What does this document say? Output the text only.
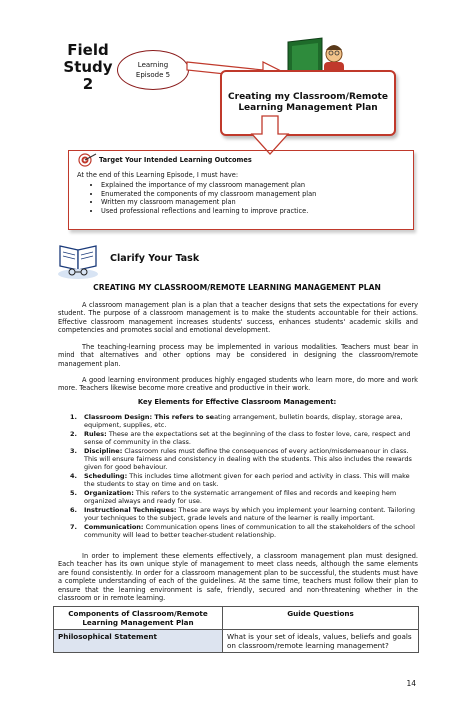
Field
Study
2
Learning
Episode 5
Creating my Classroom/Remote Learning Management Plan
Target Your Intended Learning Outcomes
At the end of this Learning Episode, I must have:
• Explained the importance of my classroom management plan
• Enumerated the components of my classroom management plan
• Written my classroom management plan
• Used professional reflections and learning to improve practice.
Clarify Your Task
CREATING MY CLASSROOM/REMOTE LEARNING MANAGEMENT PLAN
A classroom management plan is a plan that a teacher designs that sets the expectations for every student. The purpose of a classroom management is to make the students accountable for their actions. Effective classroom management increases students' success, enhances students' academic skills and competencies and promotes social and emotional development.
The teaching-learning process may be implemented in various modalities. Teachers must bear in mind that alternatives and other options may be considered in designing the classroom/remote management plan.
A good learning environment produces highly engaged students who learn more, do more and work more. Teachers likewise become more creative and productive in their work.
Key Elements for Effective Classroom Management:
1. Classroom Design: This refers to seating arrangement, bulletin boards, display, storage area, equipment, supplies, etc.
2. Rules: These are the expectations set at the beginning of the class to foster love, care, respect and sense of community in the class.
3. Discipline: Classroom rules must define the consequences of every action/misdemeanour in class. This will ensure fairness and consistency in dealing with the students. This also includes the rewards given for good behaviour.
4. Scheduling: This includes time allotment given for each period and activity in class. This will make the students to stay on time and on task.
5. Organization: This refers to the systematic arrangement of files and records and keeping hem organized always and ready for use.
6. Instructional Techniques: These are ways by which you implement your learning content. Tailoring your techniques to the subject, grade levels and nature of the learner is really important.
7. Communication: Communication opens lines of communication to all the stakeholders of the school community will lead to better teacher-student relationship.
In order to implement these elements effectively, a classroom management plan must designed. Each teacher has its own unique style of management to meet class needs, although the same elements are found consistently. In order for a classroom management plan to be successful, the students must have a complete understanding of each of the guidelines. At the same time, teachers must follow their plan to ensure that the learning environment is safe, friendly, secured and non-threatening whether in the classroom or in remote learning.
Components of Classroom/Remote Learning Management Plan	Guide Questions
Philosophical Statement	What is your set of ideals, values, beliefs and goals on classroom/remote learning management?
14
